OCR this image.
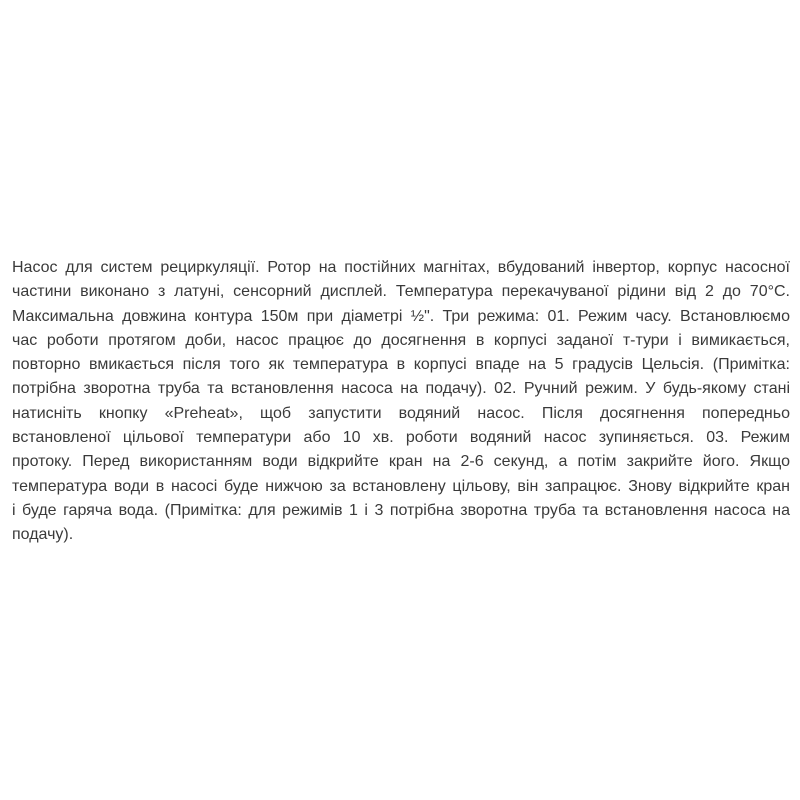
Насос для систем рециркуляції. Ротор на постійних магнітах, вбудований інвертор, корпус насосної
частини виконано з латуні, сенсорний дисплей. Температура перекачуваної рідини від 2 до 70°С.
Максимальна довжина контура 150м при діаметрі ½". Три режима: 01. Режим часу. Встановлюємо
час роботи протягом доби, насос працює до досягнення в корпусі заданої т-тури і вимикається,
повторно вмикається після того як температура в корпусі впаде на 5 градусів Цельсія. (Примітка:
потрібна зворотна труба та встановлення насоса на подачу). 02. Ручний режим. У будь-якому стані
натисніть кнопку «Preheat», щоб запустити водяний насос. Після досягнення попередньо
встановленої цільової температури або 10 хв. роботи водяний насос зупиняється. 03. Режим
протоку. Перед використанням води відкрийте кран на 2-6 секунд, а потім закрийте його. Якщо
температура води в насосі буде нижчою за встановлену цільову, він запрацює. Знову відкрийте кран
і буде гаряча вода. (Примітка: для режимів 1 і 3 потрібна зворотна труба та встановлення насоса на
подачу).
